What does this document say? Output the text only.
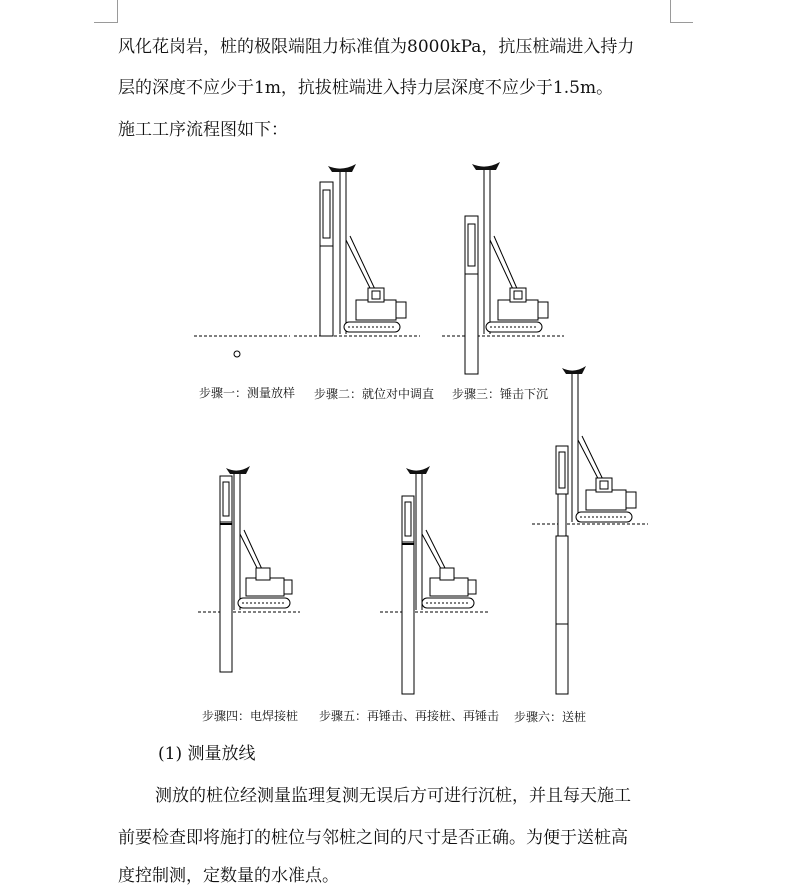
风化花岗岩，桩的极限端阻力标准值为8000kPa，抗压桩端进入持力

层的深度不应少于1m，抗拔桩端进入持力层深度不应少于1.5m。

施工工序流程图如下：

步骤一：测量放样 步骤二：就位对中调直 步骤三：锤击下沉
步骤四：电焊接桩 步骤五：再锤击、再接桩、再锤击 步骤六：送桩
(1) 测量放线

测放的桩位经测量监理复测无误后方可进行沉桩，并且每天施工

前要检查即将施打的桩位与邻桩之间的尺寸是否正确。为便于送桩高

度控制测，定数量的水准点。
